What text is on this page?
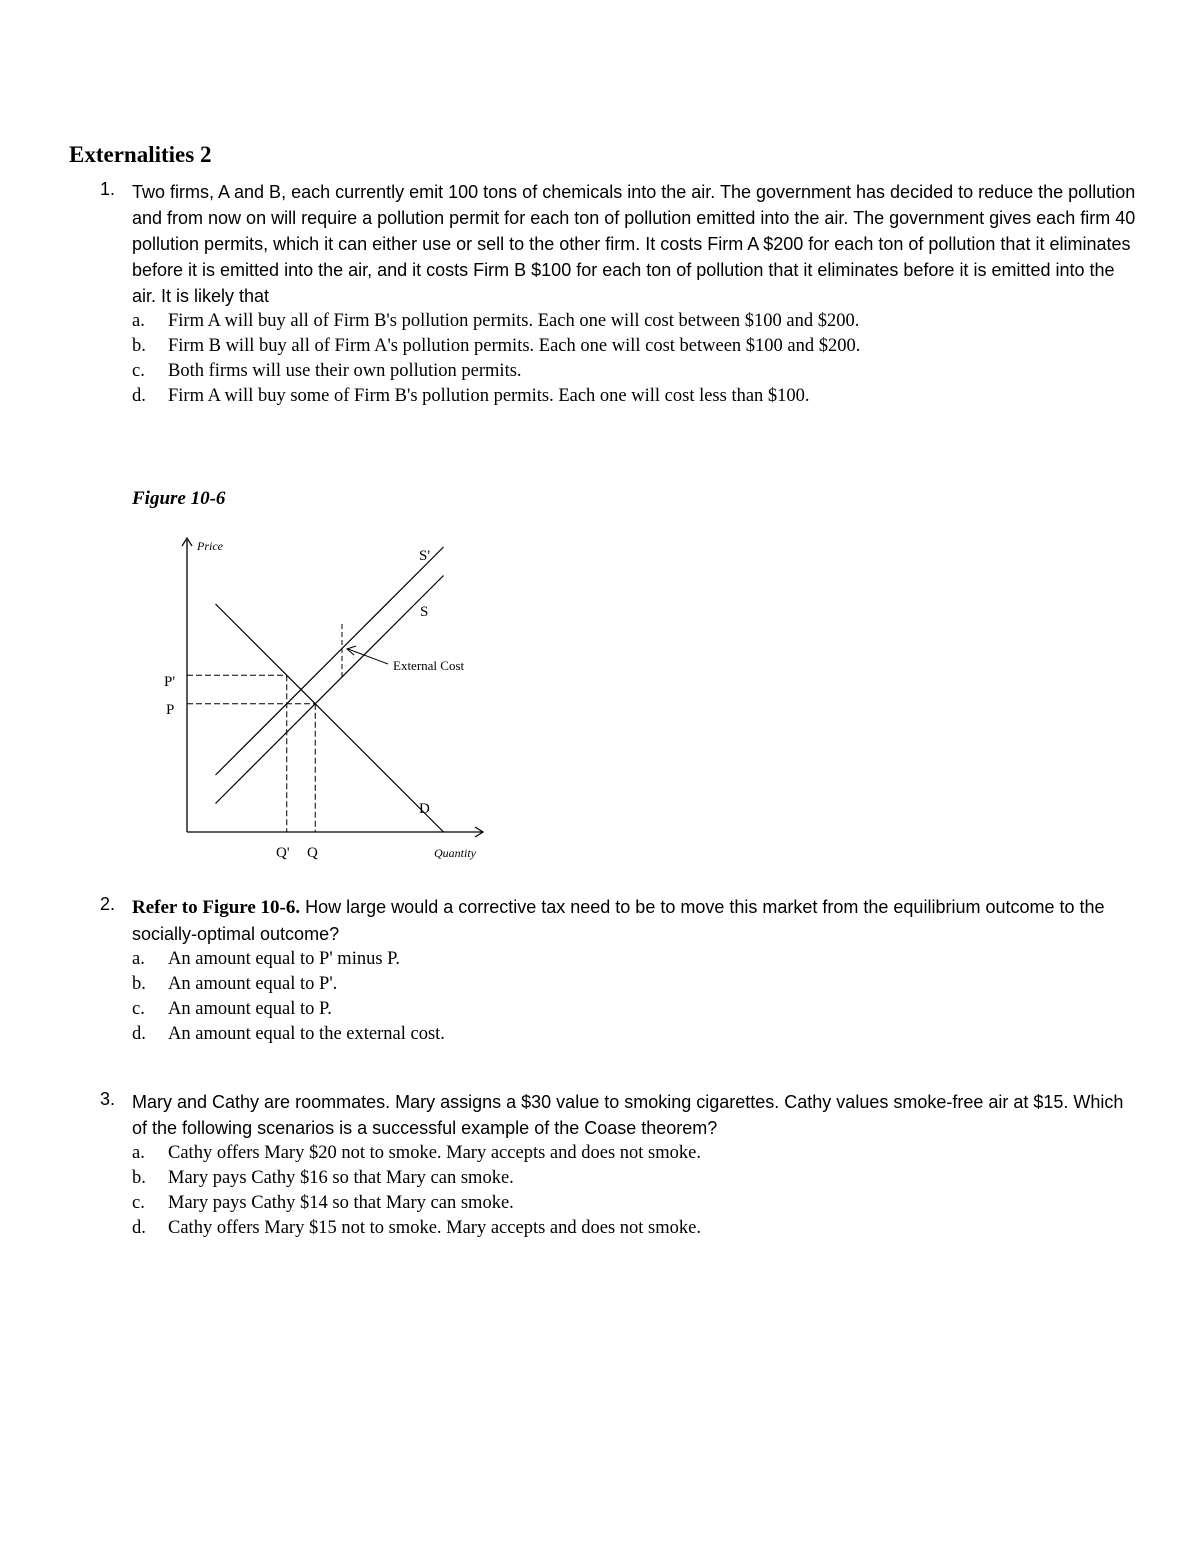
Externalities 2
1. Two firms, A and B, each currently emit 100 tons of chemicals into the air. The government has decided to reduce the pollution and from now on will require a pollution permit for each ton of pollution emitted into the air. The government gives each firm 40 pollution permits, which it can either use or sell to the other firm. It costs Firm A $200 for each ton of pollution that it eliminates before it is emitted into the air, and it costs Firm B $100 for each ton of pollution that it eliminates before it is emitted into the air. It is likely that
a.	Firm A will buy all of Firm B's pollution permits. Each one will cost between $100 and $200.
b.	Firm B will buy all of Firm A's pollution permits. Each one will cost between $100 and $200.
c.	Both firms will use their own pollution permits.
d.	Firm A will buy some of Firm B's pollution permits. Each one will cost less than $100.
Figure 10-6
Price
Quantity
S'
S
D
External Cost
P'
P
Q' Q
2. Refer to Figure 10-6. How large would a corrective tax need to be to move this market from the equilibrium outcome to the socially-optimal outcome?
a.	An amount equal to P' minus P.
b.	An amount equal to P'.
c.	An amount equal to P.
d.	An amount equal to the external cost.
3. Mary and Cathy are roommates. Mary assigns a $30 value to smoking cigarettes. Cathy values smoke-free air at $15. Which of the following scenarios is a successful example of the Coase theorem?
a.	Cathy offers Mary $20 not to smoke. Mary accepts and does not smoke.
b.	Mary pays Cathy $16 so that Mary can smoke.
c.	Mary pays Cathy $14 so that Mary can smoke.
d.	Cathy offers Mary $15 not to smoke. Mary accepts and does not smoke.
